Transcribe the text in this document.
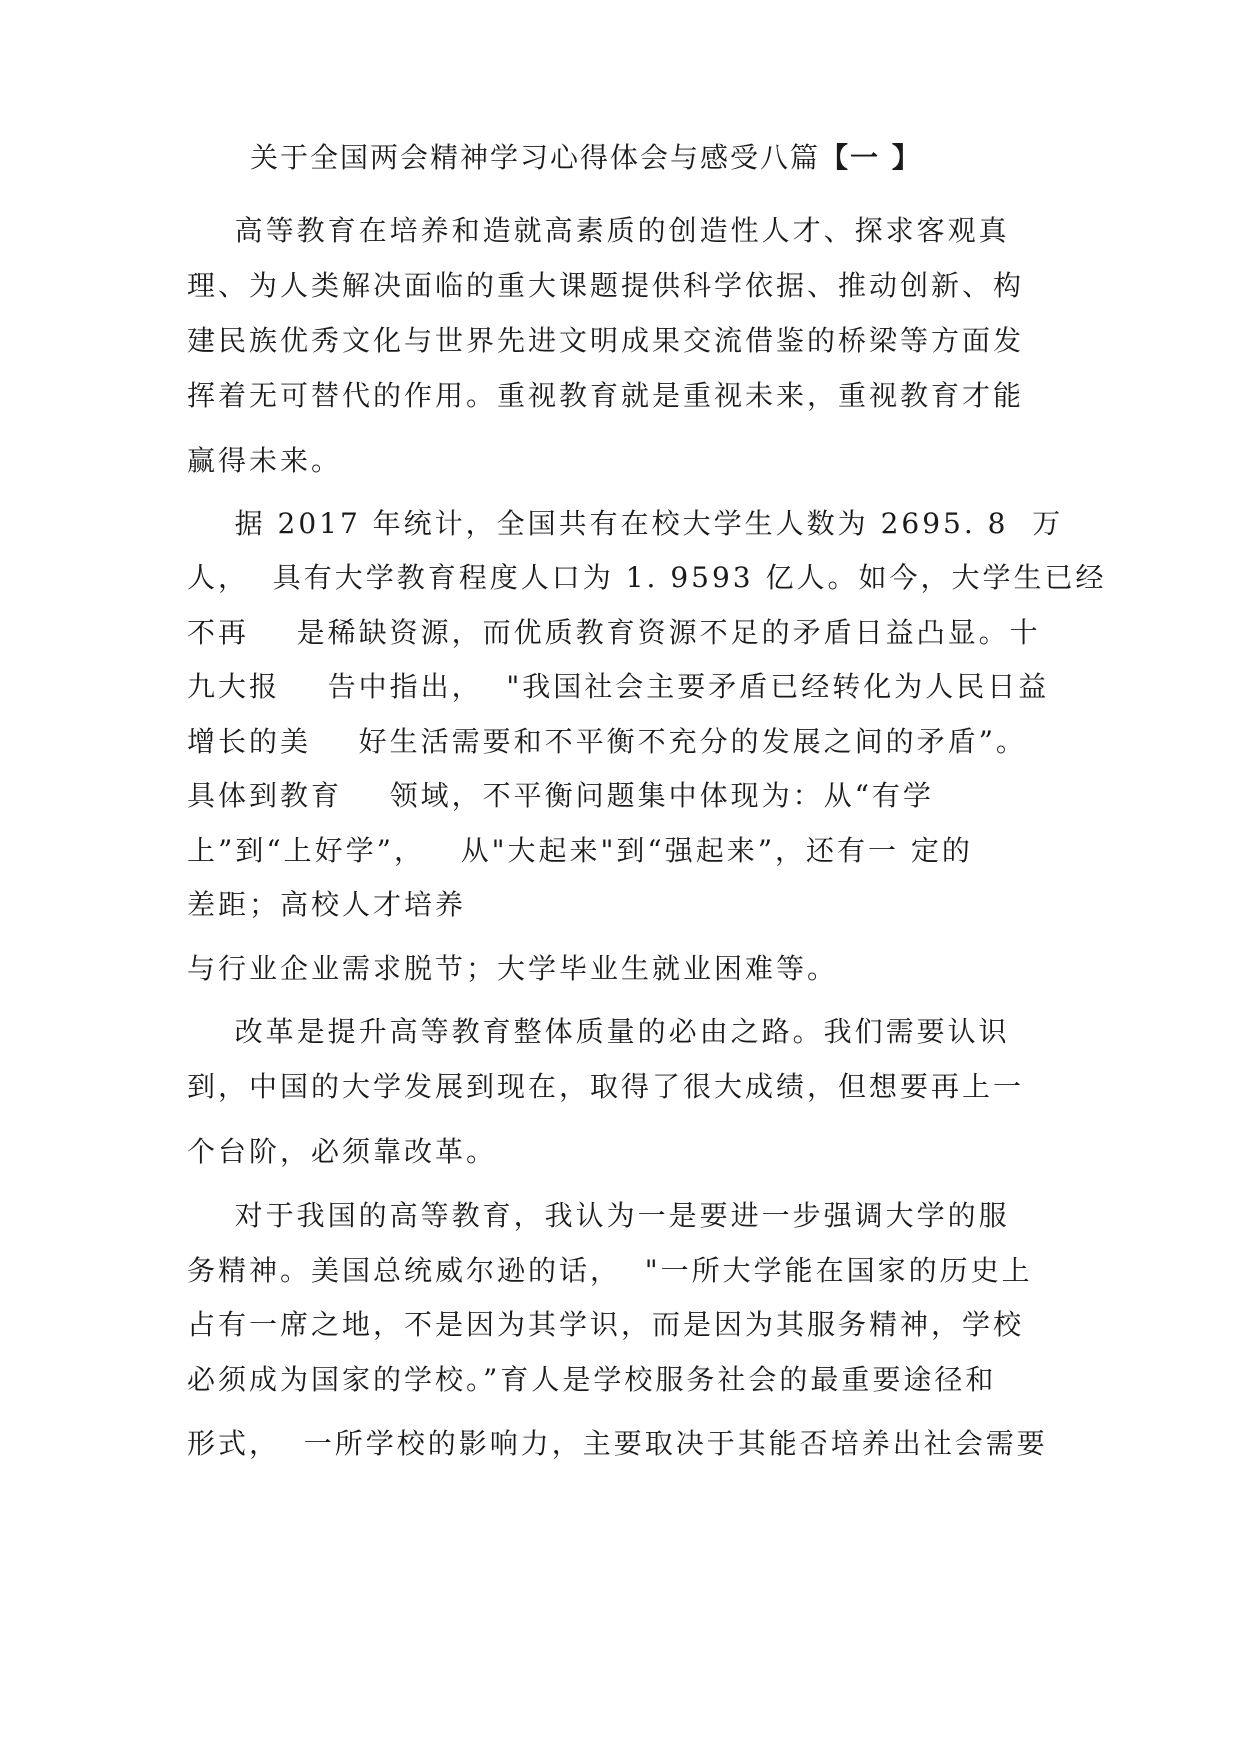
关于全国两会精神学习心得体会与感受八篇【一 】
高等教育在培养和造就高素质的创造性人才、探求客观真
理、为人类解决面临的重大课题提供科学依据、推动创新、构
建民族优秀文化与世界先进文明成果交流借鉴的桥梁等方面发
挥着无可替代的作用。重视教育就是重视未来，重视教育才能
赢得未来。
据 2017 年统计，全国共有在校大学生人数为 2695. 8  万
人，  具有大学教育程度人口为 1. 9593 亿人。如今，大学生已经
不再    是稀缺资源，而优质教育资源不足的矛盾日益凸显。十
九大报    告中指出，  "我国社会主要矛盾已经转化为人民日益
增长的美    好生活需要和不平衡不充分的发展之间的矛盾”。
具体到教育    领域，不平衡问题集中体现为：从“有学
上”到“上好学”，   从"大起来"到“强起来”，还有一 定的
差距；高校人才培养
与行业企业需求脱节；大学毕业生就业困难等。
改革是提升高等教育整体质量的必由之路。我们需要认识
到，中国的大学发展到现在，取得了很大成绩，但想要再上一
个台阶，必须靠改革。
对于我国的高等教育，我认为一是要进一步强调大学的服
务精神。美国总统威尔逊的话，  "一所大学能在国家的历史上
占有一席之地，不是因为其学识，而是因为其服务精神，学校
必须成为国家的学校。”育人是学校服务社会的最重要途径和
形式，  一所学校的影响力，主要取决于其能否培养出社会需要
